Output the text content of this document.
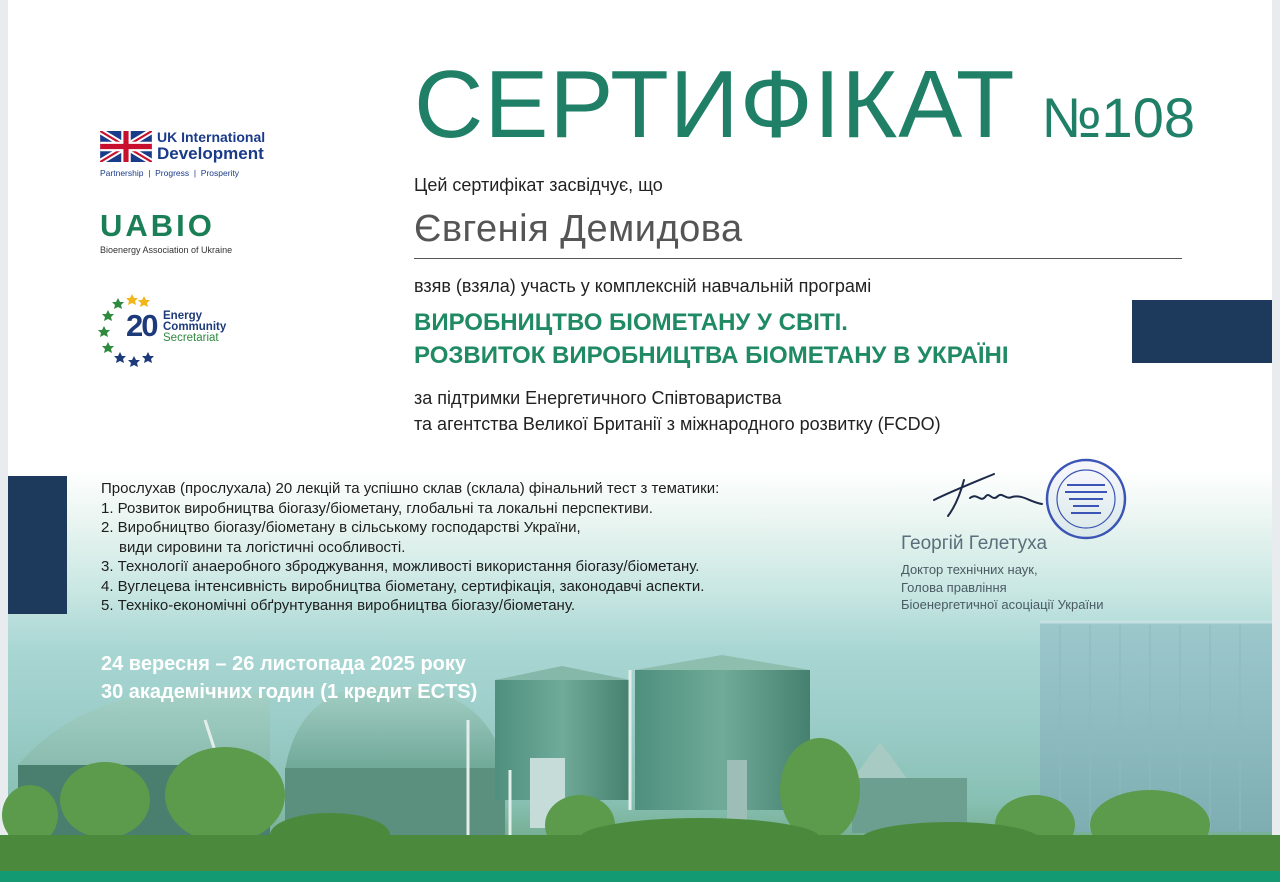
СЕРТИФІКАТ №108
Цей сертифікат засвідчує, що
Євгенія Демидова
взяв (взяла) участь у комплексній навчальній програмі
ВИРОБНИЦТВО БІОМЕТАНУ У СВІТІ.
РОЗВИТОК ВИРОБНИЦТВА БІОМЕТАНУ В УКРАЇНІ
за підтримки Енергетичного Співтовариства
та агентства Великої Британії з міжнародного розвитку (FCDO)
UK International
Development
Partnership  |  Progress  |  Prosperity
UABIO
Bioenergy Association of Ukraine
20 Energy
Community
Secretariat
Прослухав (прослухала) 20 лекцій та успішно склав (склала) фінальний тест з тематики:
1. Розвиток виробництва біогазу/біометану, глобальні та локальні перспективи.
2. Виробництво біогазу/біометану в сільському господарстві України,
види сировини та логістичні особливості.
3. Технології анаеробного зброджування, можливості використання біогазу/біометану.
4. Вуглецева інтенсивність виробництва біометану, сертифікація, законодавчі аспекти.
5. Техніко-економічні обґрунтування виробництва біогазу/біометану.
24 вересня – 26 листопада 2025 року
30 академічних годин (1 кредит ECTS)
Георгій Гелетуха
Доктор технічних наук,
Голова правління
Біоенергетичної асоціації України
